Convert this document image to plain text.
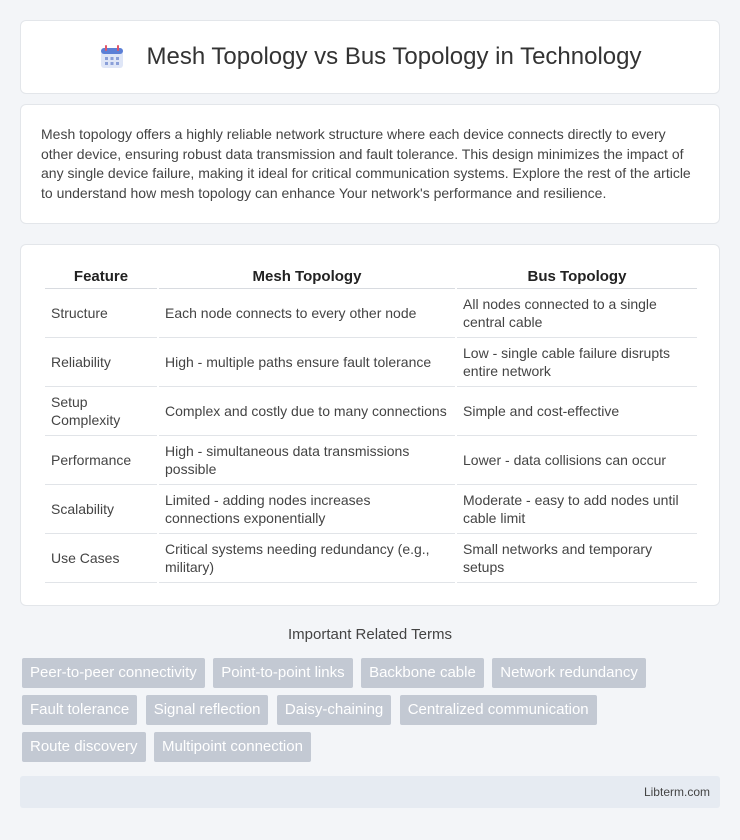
Mesh Topology vs Bus Topology in Technology

Mesh topology offers a highly reliable network structure where each device connects directly to every other device, ensuring robust data transmission and fault tolerance. This design minimizes the impact of any single device failure, making it ideal for critical communication systems. Explore the rest of the article to understand how mesh topology can enhance Your network's performance and resilience.

Feature	Mesh Topology	Bus Topology
Structure	Each node connects to every other node	All nodes connected to a single central cable
Reliability	High - multiple paths ensure fault tolerance	Low - single cable failure disrupts entire network
Setup Complexity	Complex and costly due to many connections	Simple and cost-effective
Performance	High - simultaneous data transmissions possible	Lower - data collisions can occur
Scalability	Limited - adding nodes increases connections exponentially	Moderate - easy to add nodes until cable limit
Use Cases	Critical systems needing redundancy (e.g., military)	Small networks and temporary setups
Important Related Terms
Peer-to-peer connectivity Point-to-point links Backbone cable Network redundancy Fault tolerance Signal reflection Daisy-chaining Centralized communication Route discovery Multipoint connection
Libterm.com
